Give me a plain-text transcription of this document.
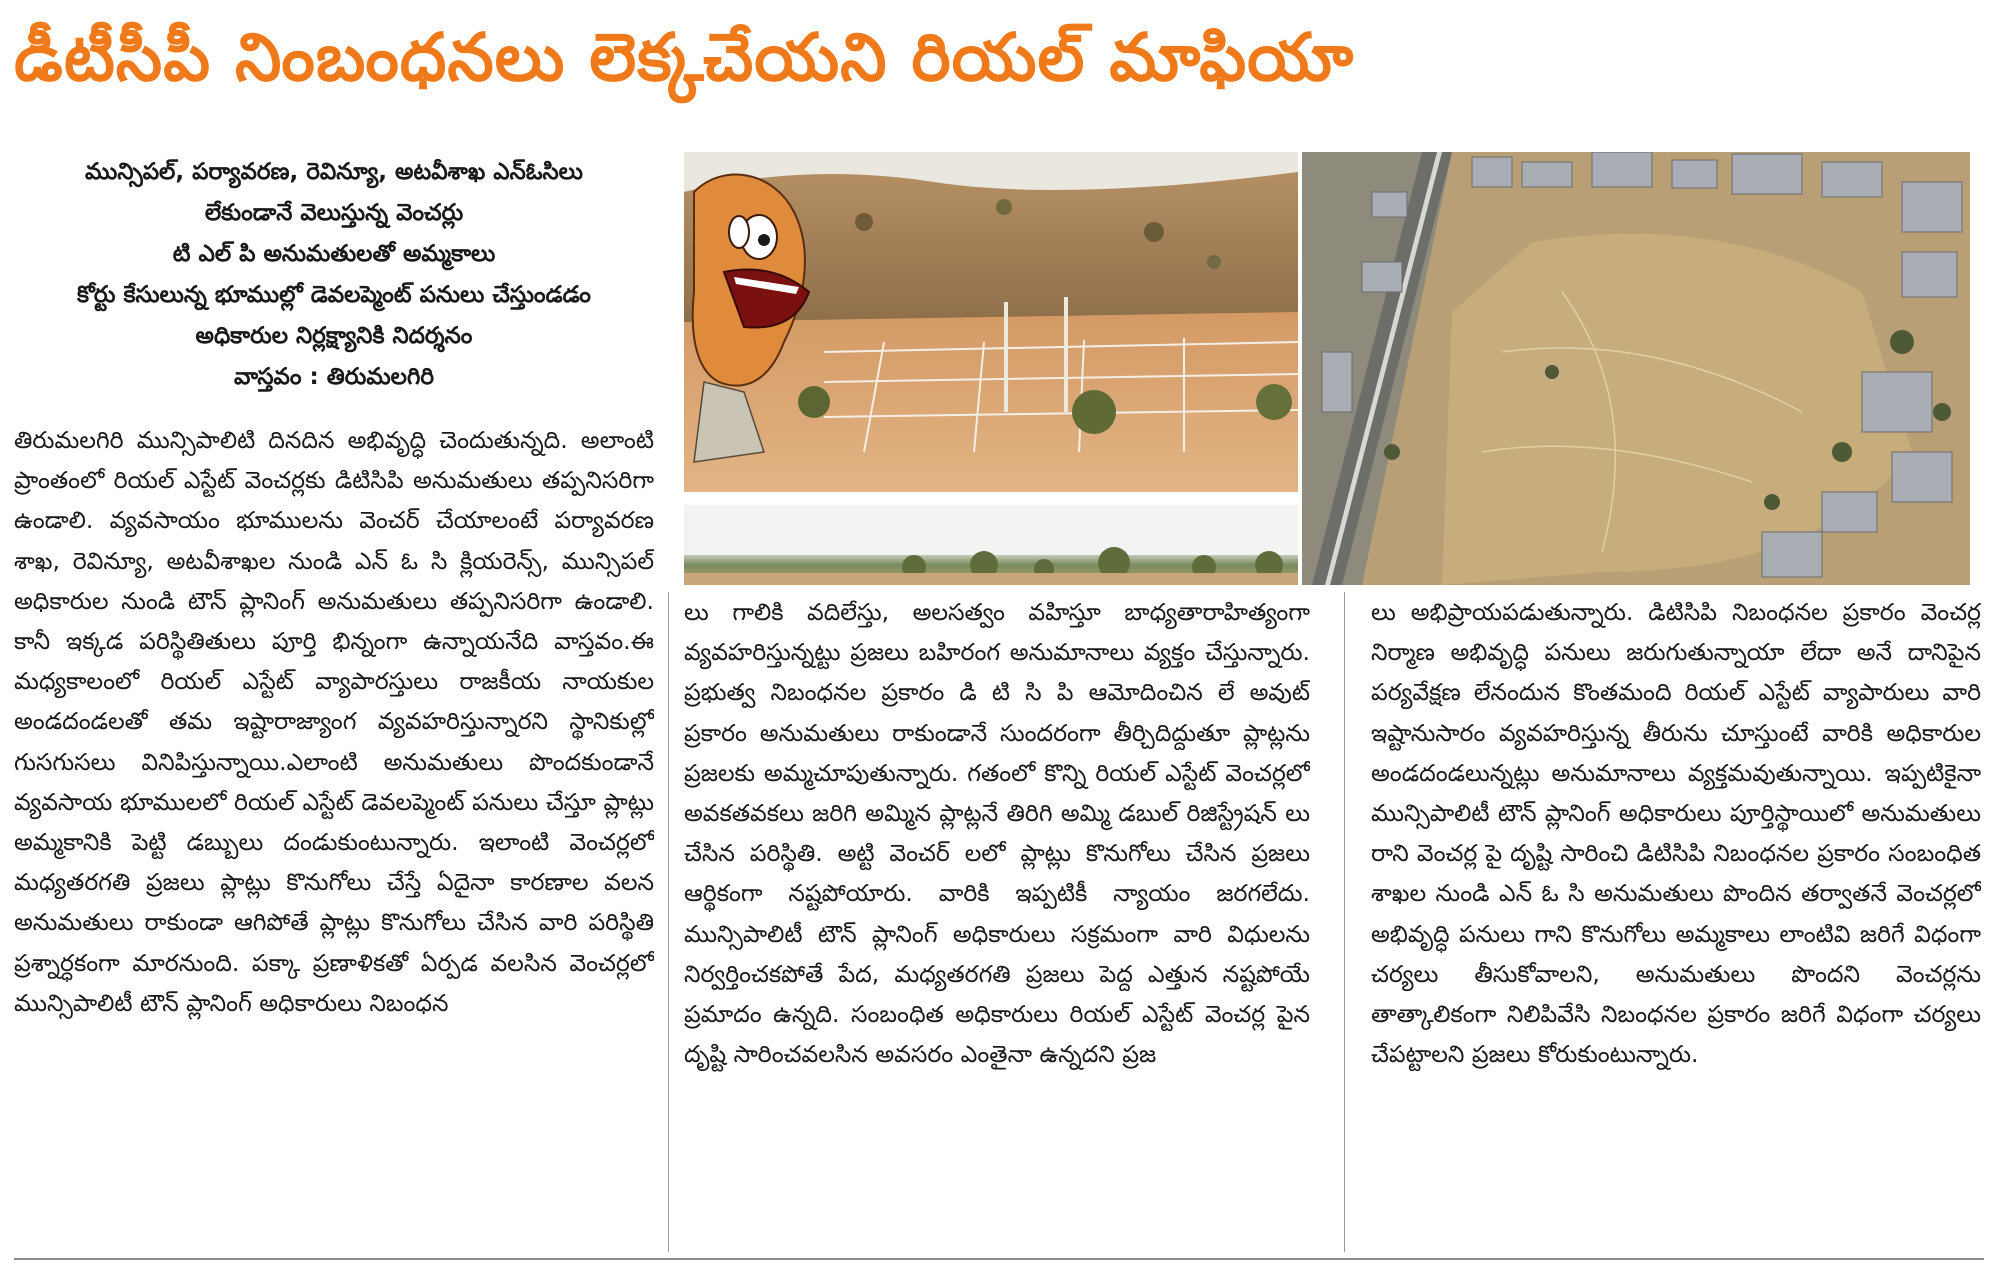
డీటీసీపీ నింబంధనలు లెక్కచేయని రియల్ మాఫియా
మున్సిపల్, పర్యావరణ, రెవిన్యూ, అటవీశాఖ ఎన్‌ఓసిలు
లేకుండానే వెలుస్తున్న వెంచర్లు
టి ఎల్ పి అనుమతులతో అమ్మకాలు
కోర్టు కేసులున్న భూముల్లో డెవలప్మెంట్ పనులు చేస్తుండడం
అధికారుల నిర్లక్ష్యానికి నిదర్శనం
వాస్తవం : తిరుమలగిరి

తిరుమలగిరి మున్సిపాలిటి దినదిన అభివృద్ధి చెందుతున్నది. అలాంటి ప్రాంతంలో రియల్ ఎస్టేట్ వెంచర్లకు డిటిసిపి అనుమతులు తప్పనిసరిగా ఉండాలి. వ్యవసాయం భూములను వెంచర్ చేయాలంటే పర్యావరణ శాఖ, రెవిన్యూ, అటవీశాఖల నుండి ఎన్ ఓ సి క్లియరెన్స్, మున్సిపల్ అధికారుల నుండి టౌన్ ప్లానింగ్ అనుమతులు తప్పనిసరిగా ఉండాలి. కానీ ఇక్కడ పరిస్థితితులు పూర్తి భిన్నంగా ఉన్నాయనేది వాస్తవం.ఈ మధ్యకాలంలో రియల్ ఎస్టేట్ వ్యాపారస్తులు రాజకీయ నాయకుల అండదండలతో తమ ఇష్టారాజ్యాంగ వ్యవహరిస్తున్నారని స్థానికుల్లో గుసగుసలు వినిపిస్తున్నాయి.ఎలాంటి అనుమతులు పొందకుండానే వ్యవసాయ భూములలో రియల్ ఎస్టేట్ డెవలప్మెంట్ పనులు చేస్తూ ప్లాట్లు అమ్మకానికి పెట్టి డబ్బులు దండుకుంటున్నారు. ఇలాంటి వెంచర్లలో మధ్యతరగతి ప్రజలు ప్లాట్లు కొనుగోలు చేస్తే ఏదైనా కారణాల వలన అనుమతులు రాకుండా ఆగిపోతే ప్లాట్లు కొనుగోలు చేసిన వారి పరిస్థితి ప్రశ్నార్ధకంగా మారనుంది. పక్కా ప్రణాళికతో ఏర్పడ వలసిన వెంచర్లలో మున్సిపాలిటీ టౌన్ ప్లానింగ్ అధికారులు నిబంధన

లు గాలికి వదిలేస్తు, అలసత్వం వహిస్తూ బాధ్యతారాహిత్యంగా వ్యవహరిస్తున్నట్టు ప్రజలు బహిరంగ అనుమానాలు వ్యక్తం చేస్తున్నారు. ప్రభుత్వ నిబంధనల ప్రకారం డి టి సి పి ఆమోదించిన లే అవుట్ ప్రకారం అనుమతులు రాకుండానే సుందరంగా తీర్చిదిద్దుతూ ప్లాట్లను ప్రజలకు అమ్మచూపుతున్నారు. గతంలో కొన్ని రియల్ ఎస్టేట్ వెంచర్లలో అవకతవకలు జరిగి అమ్మిన ప్లాట్లనే తిరిగి అమ్మి డబుల్ రిజిస్ట్రేషన్ లు చేసిన పరిస్థితి. అట్టి వెంచర్ లలో ప్లాట్లు కొనుగోలు చేసిన ప్రజలు ఆర్థికంగా నష్టపోయారు. వారికి ఇప్పటికీ న్యాయం జరగలేదు. మున్సిపాలిటీ టౌన్ ప్లానింగ్ అధికారులు సక్రమంగా వారి విధులను నిర్వర్తించకపోతే పేద, మధ్యతరగతి ప్రజలు పెద్ద ఎత్తున నష్టపోయే ప్రమాదం ఉన్నది. సంబంధిత అధికారులు రియల్ ఎస్టేట్ వెంచర్ల పైన దృష్టి సారించవలసిన అవసరం ఎంతైనా ఉన్నదని ప్రజ

లు అభిప్రాయపడుతున్నారు. డిటిసిపి నిబంధనల ప్రకారం వెంచర్ల నిర్మాణ అభివృద్ధి పనులు జరుగుతున్నాయా లేదా అనే దానిపైన పర్యవేక్షణ లేనందున కొంతమంది రియల్ ఎస్టేట్ వ్యాపారులు వారి ఇష్టానుసారం వ్యవహరిస్తున్న తీరును చూస్తుంటే వారికి అధికారుల అండదండలున్నట్లు అనుమానాలు వ్యక్తమవుతున్నాయి. ఇప్పటికైనా మున్సిపాలిటీ టౌన్ ప్లానింగ్ అధికారులు పూర్తిస్థాయిలో అనుమతులు రాని వెంచర్ల పై దృష్టి సారించి డిటిసిపి నిబంధనల ప్రకారం సంబంధిత శాఖల నుండి ఎన్ ఓ సి అనుమతులు పొందిన తర్వాతనే వెంచర్లలో అభివృద్ధి పనులు గాని కొనుగోలు అమ్మకాలు లాంటివి జరిగే విధంగా చర్యలు తీసుకోవాలని, అనుమతులు పొందని వెంచర్లను తాత్కాలికంగా నిలిపివేసి నిబంధనల ప్రకారం జరిగే విధంగా చర్యలు చేపట్టాలని ప్రజలు కోరుకుంటున్నారు.
